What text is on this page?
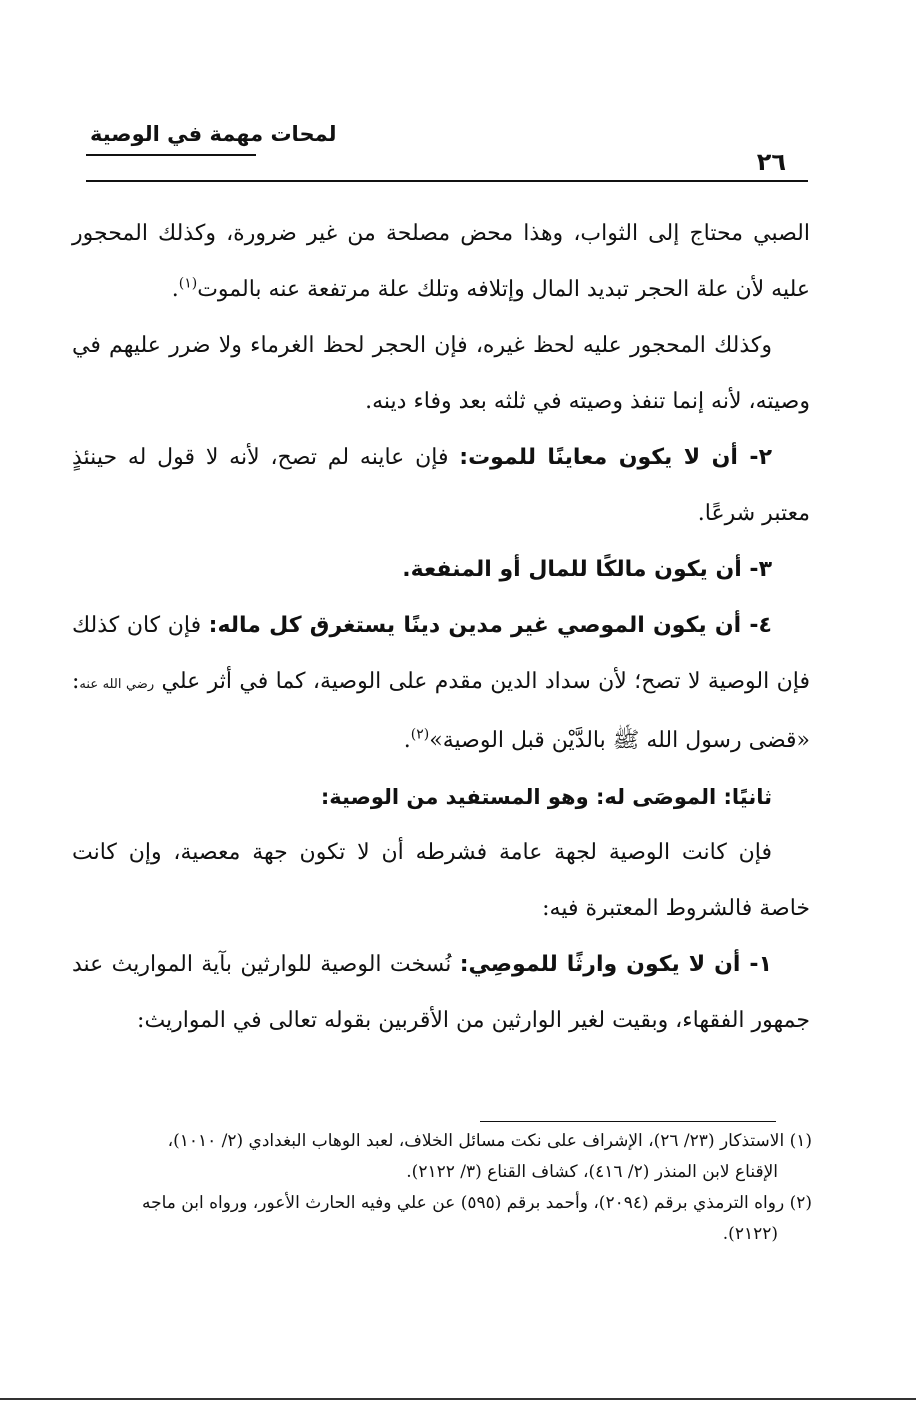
لمحات مهمة في الوصية
٢٦

الصبي محتاج إلى الثواب، وهذا محض مصلحة من غير ضرورة، وكذلك المحجور عليه لأن علة الحجر تبديد المال وإتلافه وتلك علة مرتفعة عنه بالموت$^{(١)}$.

وكذلك المحجور عليه لحظ غيره، فإن الحجر لحظ الغرماء ولا ضرر عليهم في وصيته، لأنه إنما تنفذ وصيته في ثلثه بعد وفاء دينه.

٢- أن لا يكون معاينًا للموت: فإن عاينه لم تصح، لأنه لا قول له حينئذٍ معتبر شرعًا.

٣- أن يكون مالكًا للمال أو المنفعة.

٤- أن يكون الموصي غير مدين دينًا يستغرق كل ماله: فإن كان كذلك فإن الوصية لا تصح؛ لأن سداد الدين مقدم على الوصية، كما في أثر علي رضي الله عنه: «قضى رسول الله ﷺ بالدَّيْن قبل الوصية»$^{(٢)}$.

ثانيًا: الموصَى له: وهو المستفيد من الوصية:

فإن كانت الوصية لجهة عامة فشرطه أن لا تكون جهة معصية، وإن كانت خاصة فالشروط المعتبرة فيه:

١- أن لا يكون وارثًا للموصِي: نُسخت الوصية للوارثين بآية المواريث عند جمهور الفقهاء، وبقيت لغير الوارثين من الأقربين بقوله تعالى في المواريث:

(١) الاستذكار (٢٣/ ٢٦)، الإشراف على نكت مسائل الخلاف، لعبد الوهاب البغدادي (٢/ ١٠١٠)،

الإقناع لابن المنذر (٢/ ٤١٦)، كشاف القناع (٣/ ٢١٢٢).

(٢) رواه الترمذي برقم (٢٠٩٤)، وأحمد برقم (٥٩٥) عن علي وفيه الحارث الأعور، ورواه ابن ماجه

(٢١٢٢).
